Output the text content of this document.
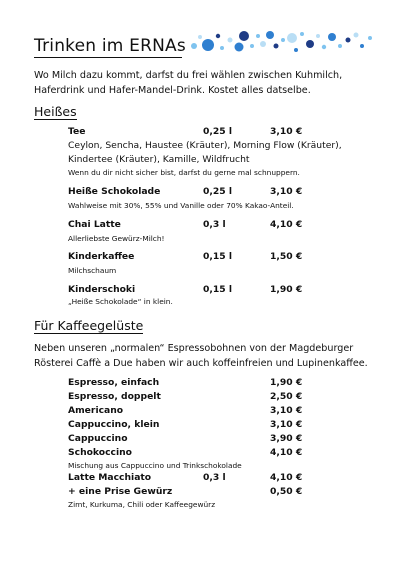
Trinken im ERNAs
Wo Milch dazu kommt, darfst du frei wählen zwischen Kuhmilch, Haferdrink und Hafer-Mandel-Drink. Kostet alles datselbe.
Heißes
Tee	0,25 l	3,10 €
Ceylon, Sencha, Haustee (Kräuter), Morning Flow (Kräuter), Kindertee (Kräuter), Kamille, Wildfrucht
Wenn du dir nicht sicher bist, darfst du gerne mal schnuppern.
Heiße Schokolade	0,25 l	3,10 €
Wahlweise mit 30%, 55% und Vanille oder 70% Kakao-Anteil.
Chai Latte	0,3 l	4,10 €
Allerliebste Gewürz-Milch!
Kinderkaffee	0,15 l	1,50 €
Milchschaum
Kinderschoki	0,15 l	1,90 €
„Heiße Schokolade“ in klein.
Für Kaffeegelüste
Neben unseren „normalen“ Espressobohnen von der Magdeburger Rösterei Caffè a Due haben wir auch koffeinfreien und Lupinenkaffee.
Espresso, einfach	1,90 €
Espresso, doppelt	2,50 €
Americano	3,10 €
Cappuccino, klein	3,10 €
Cappuccino	3,90 €
Schokoccino	4,10 €
Mischung aus Cappuccino und Trinkschokolade
Latte Macchiato	0,3 l	4,10 €
+ eine Prise Gewürz	0,50 €
Zimt, Kurkuma, Chili oder Kaffeegewürz
